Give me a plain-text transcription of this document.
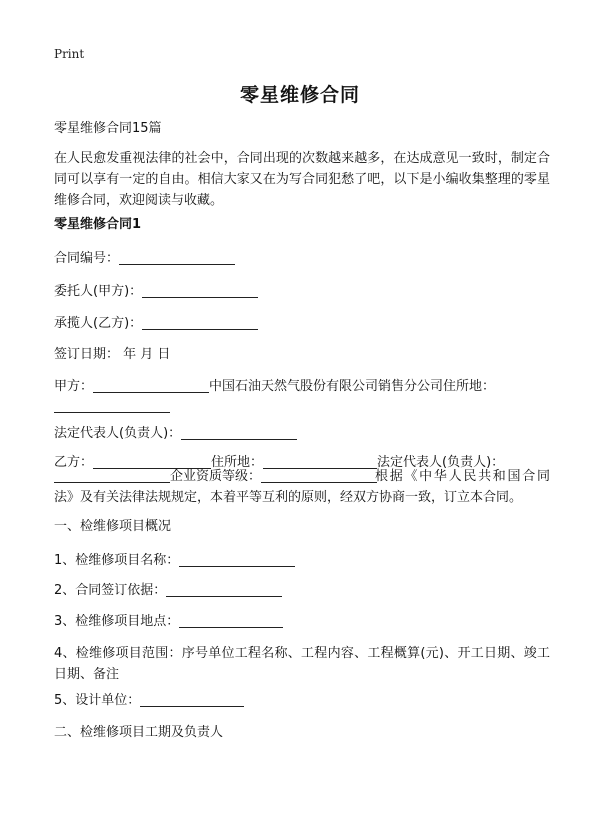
Print
零星维修合同
零星维修合同15篇
在人民愈发重视法律的社会中，合同出现的次数越来越多，在达成意见一致时，制定合同可以享有一定的自由。相信大家又在为写合同犯愁了吧，以下是小编收集整理的零星维修合同，欢迎阅读与收藏。
零星维修合同1
合同编号：
委托人(甲方)：
承揽人(乙方)：
签订日期： 年 月 日
甲方：	中国石油天然气股份有限公司销售分公司住所地：
法定代表人(负责人)：
乙方：	住所地：	法定代表人(负责人)：
企业资质等级：	根据《中华人民共和国合同法》及有关法律法规规定，本着平等互利的原则，经双方协商一致，订立本合同。
一、检维修项目概况
1、检维修项目名称：
2、合同签订依据：
3、检维修项目地点：
4、检维修项目范围：序号单位工程名称、工程内容、工程概算(元)、开工日期、竣工日期、备注
5、设计单位：
二、检维修项目工期及负责人
